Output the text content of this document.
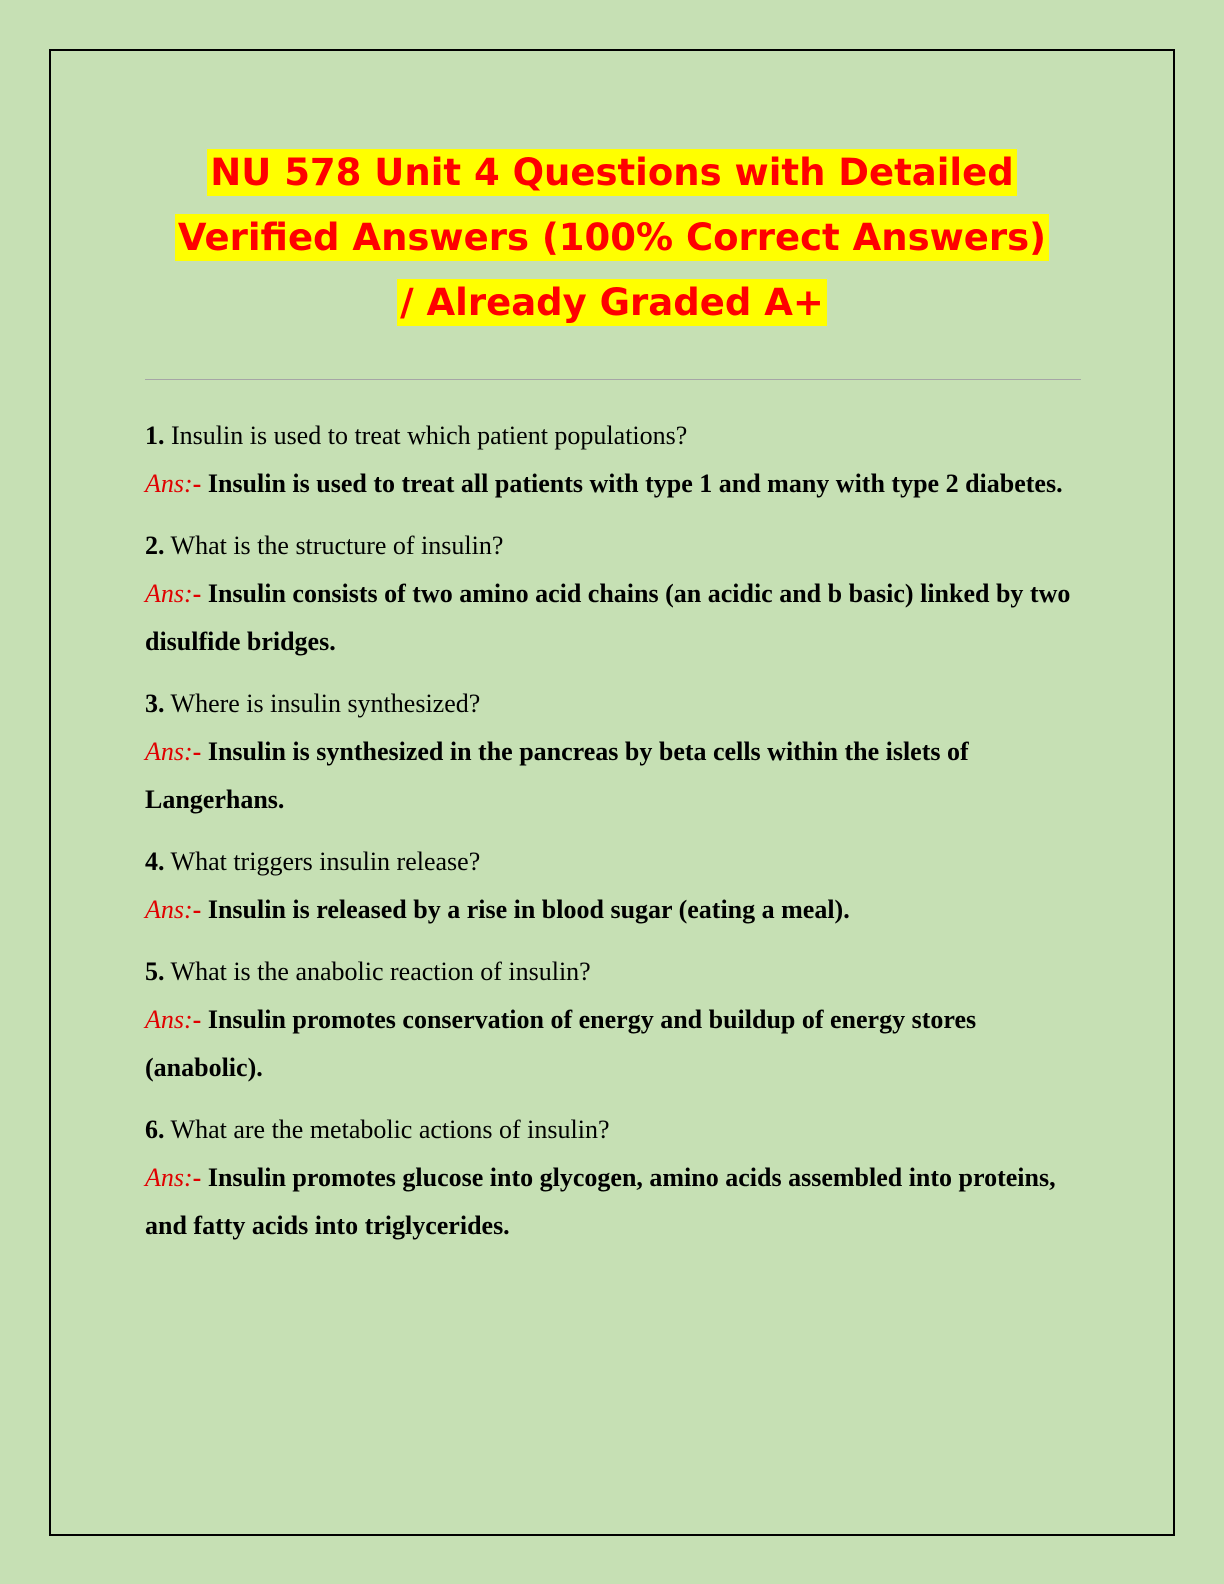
NU 578 Unit 4 Questions with Detailed
Verified Answers (100% Correct Answers)
/ Already Graded A+

1. Insulin is used to treat which patient populations?

Ans:- Insulin is used to treat all patients with type 1 and many with type 2 diabetes.

2. What is the structure of insulin?

Ans:- Insulin consists of two amino acid chains (an acidic and b basic) linked by two disulfide bridges.

3. Where is insulin synthesized?

Ans:- Insulin is synthesized in the pancreas by beta cells within the islets of Langerhans.

4. What triggers insulin release?

Ans:- Insulin is released by a rise in blood sugar (eating a meal).

5. What is the anabolic reaction of insulin?

Ans:- Insulin promotes conservation of energy and buildup of energy stores (anabolic).

6. What are the metabolic actions of insulin?

Ans:- Insulin promotes glucose into glycogen, amino acids assembled into proteins, and fatty acids into triglycerides.
